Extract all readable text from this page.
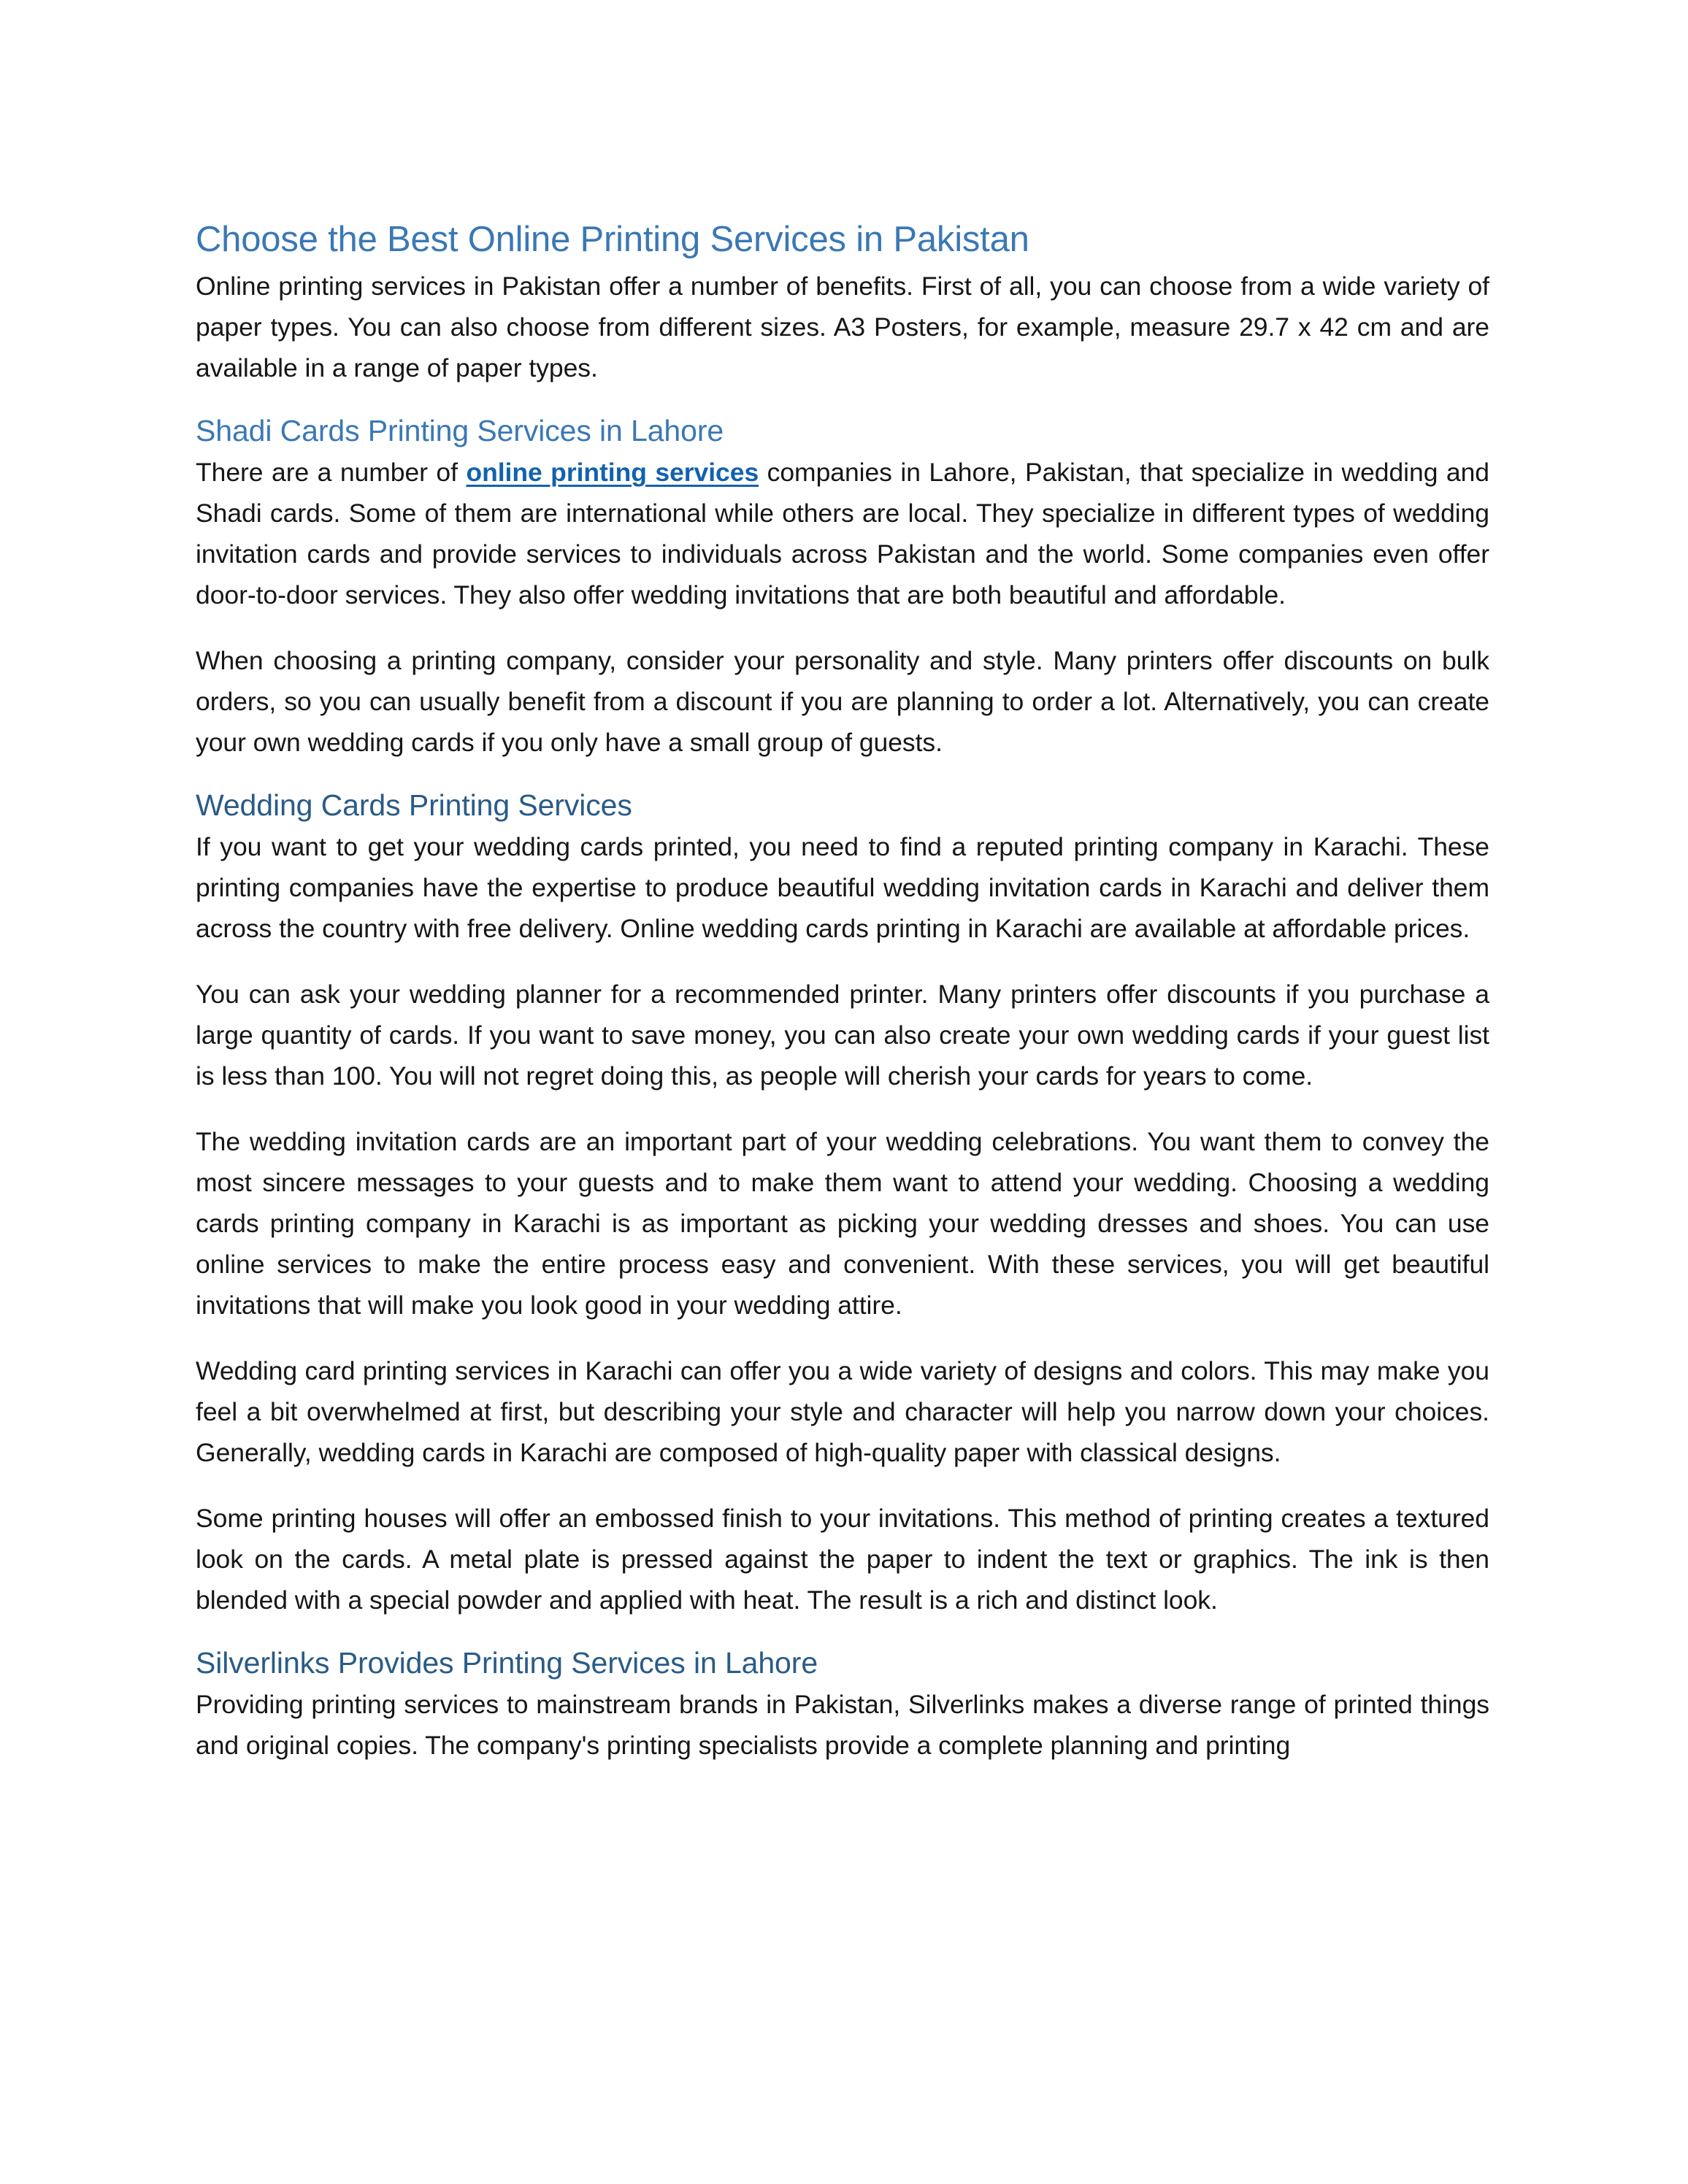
Choose the Best Online Printing Services in Pakistan

Online printing services in Pakistan offer a number of benefits. First of all, you can choose from a wide variety of paper types. You can also choose from different sizes. A3 Posters, for example, measure 29.7 x 42 cm and are available in a range of paper types.

Shadi Cards Printing Services in Lahore

There are a number of online printing services companies in Lahore, Pakistan, that specialize in wedding and Shadi cards. Some of them are international while others are local. They specialize in different types of wedding invitation cards and provide services to individuals across Pakistan and the world. Some companies even offer door-to-door services. They also offer wedding invitations that are both beautiful and affordable.

When choosing a printing company, consider your personality and style. Many printers offer discounts on bulk orders, so you can usually benefit from a discount if you are planning to order a lot. Alternatively, you can create your own wedding cards if you only have a small group of guests.

Wedding Cards Printing Services

If you want to get your wedding cards printed, you need to find a reputed printing company in Karachi. These printing companies have the expertise to produce beautiful wedding invitation cards in Karachi and deliver them across the country with free delivery. Online wedding cards printing in Karachi are available at affordable prices.

You can ask your wedding planner for a recommended printer. Many printers offer discounts if you purchase a large quantity of cards. If you want to save money, you can also create your own wedding cards if your guest list is less than 100. You will not regret doing this, as people will cherish your cards for years to come.

The wedding invitation cards are an important part of your wedding celebrations. You want them to convey the most sincere messages to your guests and to make them want to attend your wedding. Choosing a wedding cards printing company in Karachi is as important as picking your wedding dresses and shoes. You can use online services to make the entire process easy and convenient. With these services, you will get beautiful invitations that will make you look good in your wedding attire.

Wedding card printing services in Karachi can offer you a wide variety of designs and colors. This may make you feel a bit overwhelmed at first, but describing your style and character will help you narrow down your choices. Generally, wedding cards in Karachi are composed of high-quality paper with classical designs.

Some printing houses will offer an embossed finish to your invitations. This method of printing creates a textured look on the cards. A metal plate is pressed against the paper to indent the text or graphics. The ink is then blended with a special powder and applied with heat. The result is a rich and distinct look.

Silverlinks Provides Printing Services in Lahore

Providing printing services to mainstream brands in Pakistan, Silverlinks makes a diverse range of printed things and original copies. The company's printing specialists provide a complete planning and printing
